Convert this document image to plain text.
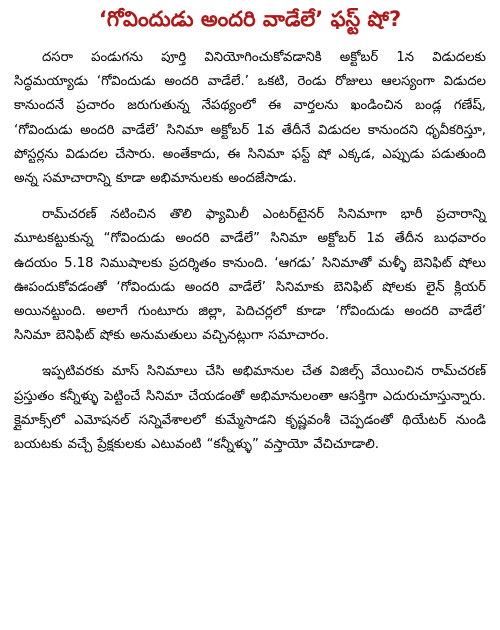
‘గోవిందుడు అందరి వాడేలే’ ఫస్ట్ షో?

దసరా పండుగను పూర్తి వినియోగించుకోవడానికి అక్టోబర్ 1న విడుదలకు సిద్ధమయ్యాడు ‘గోవిందుడు అందరి వాడేలే.’ ఒకటి, రెండు రోజులు ఆలస్యంగా విడుదల కానుందనే ప్రచారం జరుగుతున్న నేపథ్యంలో ఈ వార్తలను ఖండించిన బండ్ల గణేష్, ‘గోవిందుడు అందరి వాడేలే’ సినిమా అక్టోబర్ 1వ తేదీనే విడుదల కానుందని ధృవీకరిస్తూ, పోస్టర్లను విడుదల చేసారు. అంతేకాదు, ఈ సినిమా ఫస్ట్ షో ఎక్కడ, ఎప్పుడు పడుతుంది అన్న సమాచారాన్ని కూడా అభిమానులకు అందజేసాడు.

రామ్‌చరణ్ నటించిన తొలి ఫ్యామిలీ ఎంటర్‌టైనర్ సినిమాగా భారీ ప్రచారాన్ని మూటకట్టుకున్న “గోవిందుడు అందరి వాడేలే” సినిమా అక్టోబర్ 1వ తేదీన బుధవారం ఉదయం 5.18 నిముషాలకు ప్రదర్శితం కానుంది. ‘ఆగడు’ సినిమాతో మళ్ళీ బెనిఫిట్ షోలు ఊపందుకోవడంతో ‘గోవిందుడు అందరి వాడేలే’ సినిమాకు బెనిఫిట్ షోలకు లైన్ క్లియర్ అయినట్టుంది. అలాగే గుంటూరు జిల్లా, పెదిచర్లలో కూడా ‘గోవిందుడు అందరి వాడేలే’ సినిమా బెనిఫిట్ షోకు అనుమతులు వచ్చినట్లుగా సమాచారం.

ఇప్పటివరకు మాస్ సినిమాలు చేసి అభిమానుల చేత విజిల్స్ వేయించిన రామ్‌చరణ్ ప్రస్తుతం కన్నీళ్ళు పెట్టించే సినిమా చేయడంతో అభిమానులంతా ఆసక్తిగా ఎదురుచూస్తున్నారు. క్లైమాక్స్‌లో ఎమోషనల్ సన్నివేశాలలో కుమ్మేసాడని కృష్ణవంశీ చెప్పడంతో థియేటర్ నుండి బయటకు వచ్చే ప్రేక్షకులకు ఎటువంటి “కన్నీళ్ళు” వస్తాయో వేచిచూడాలి.
